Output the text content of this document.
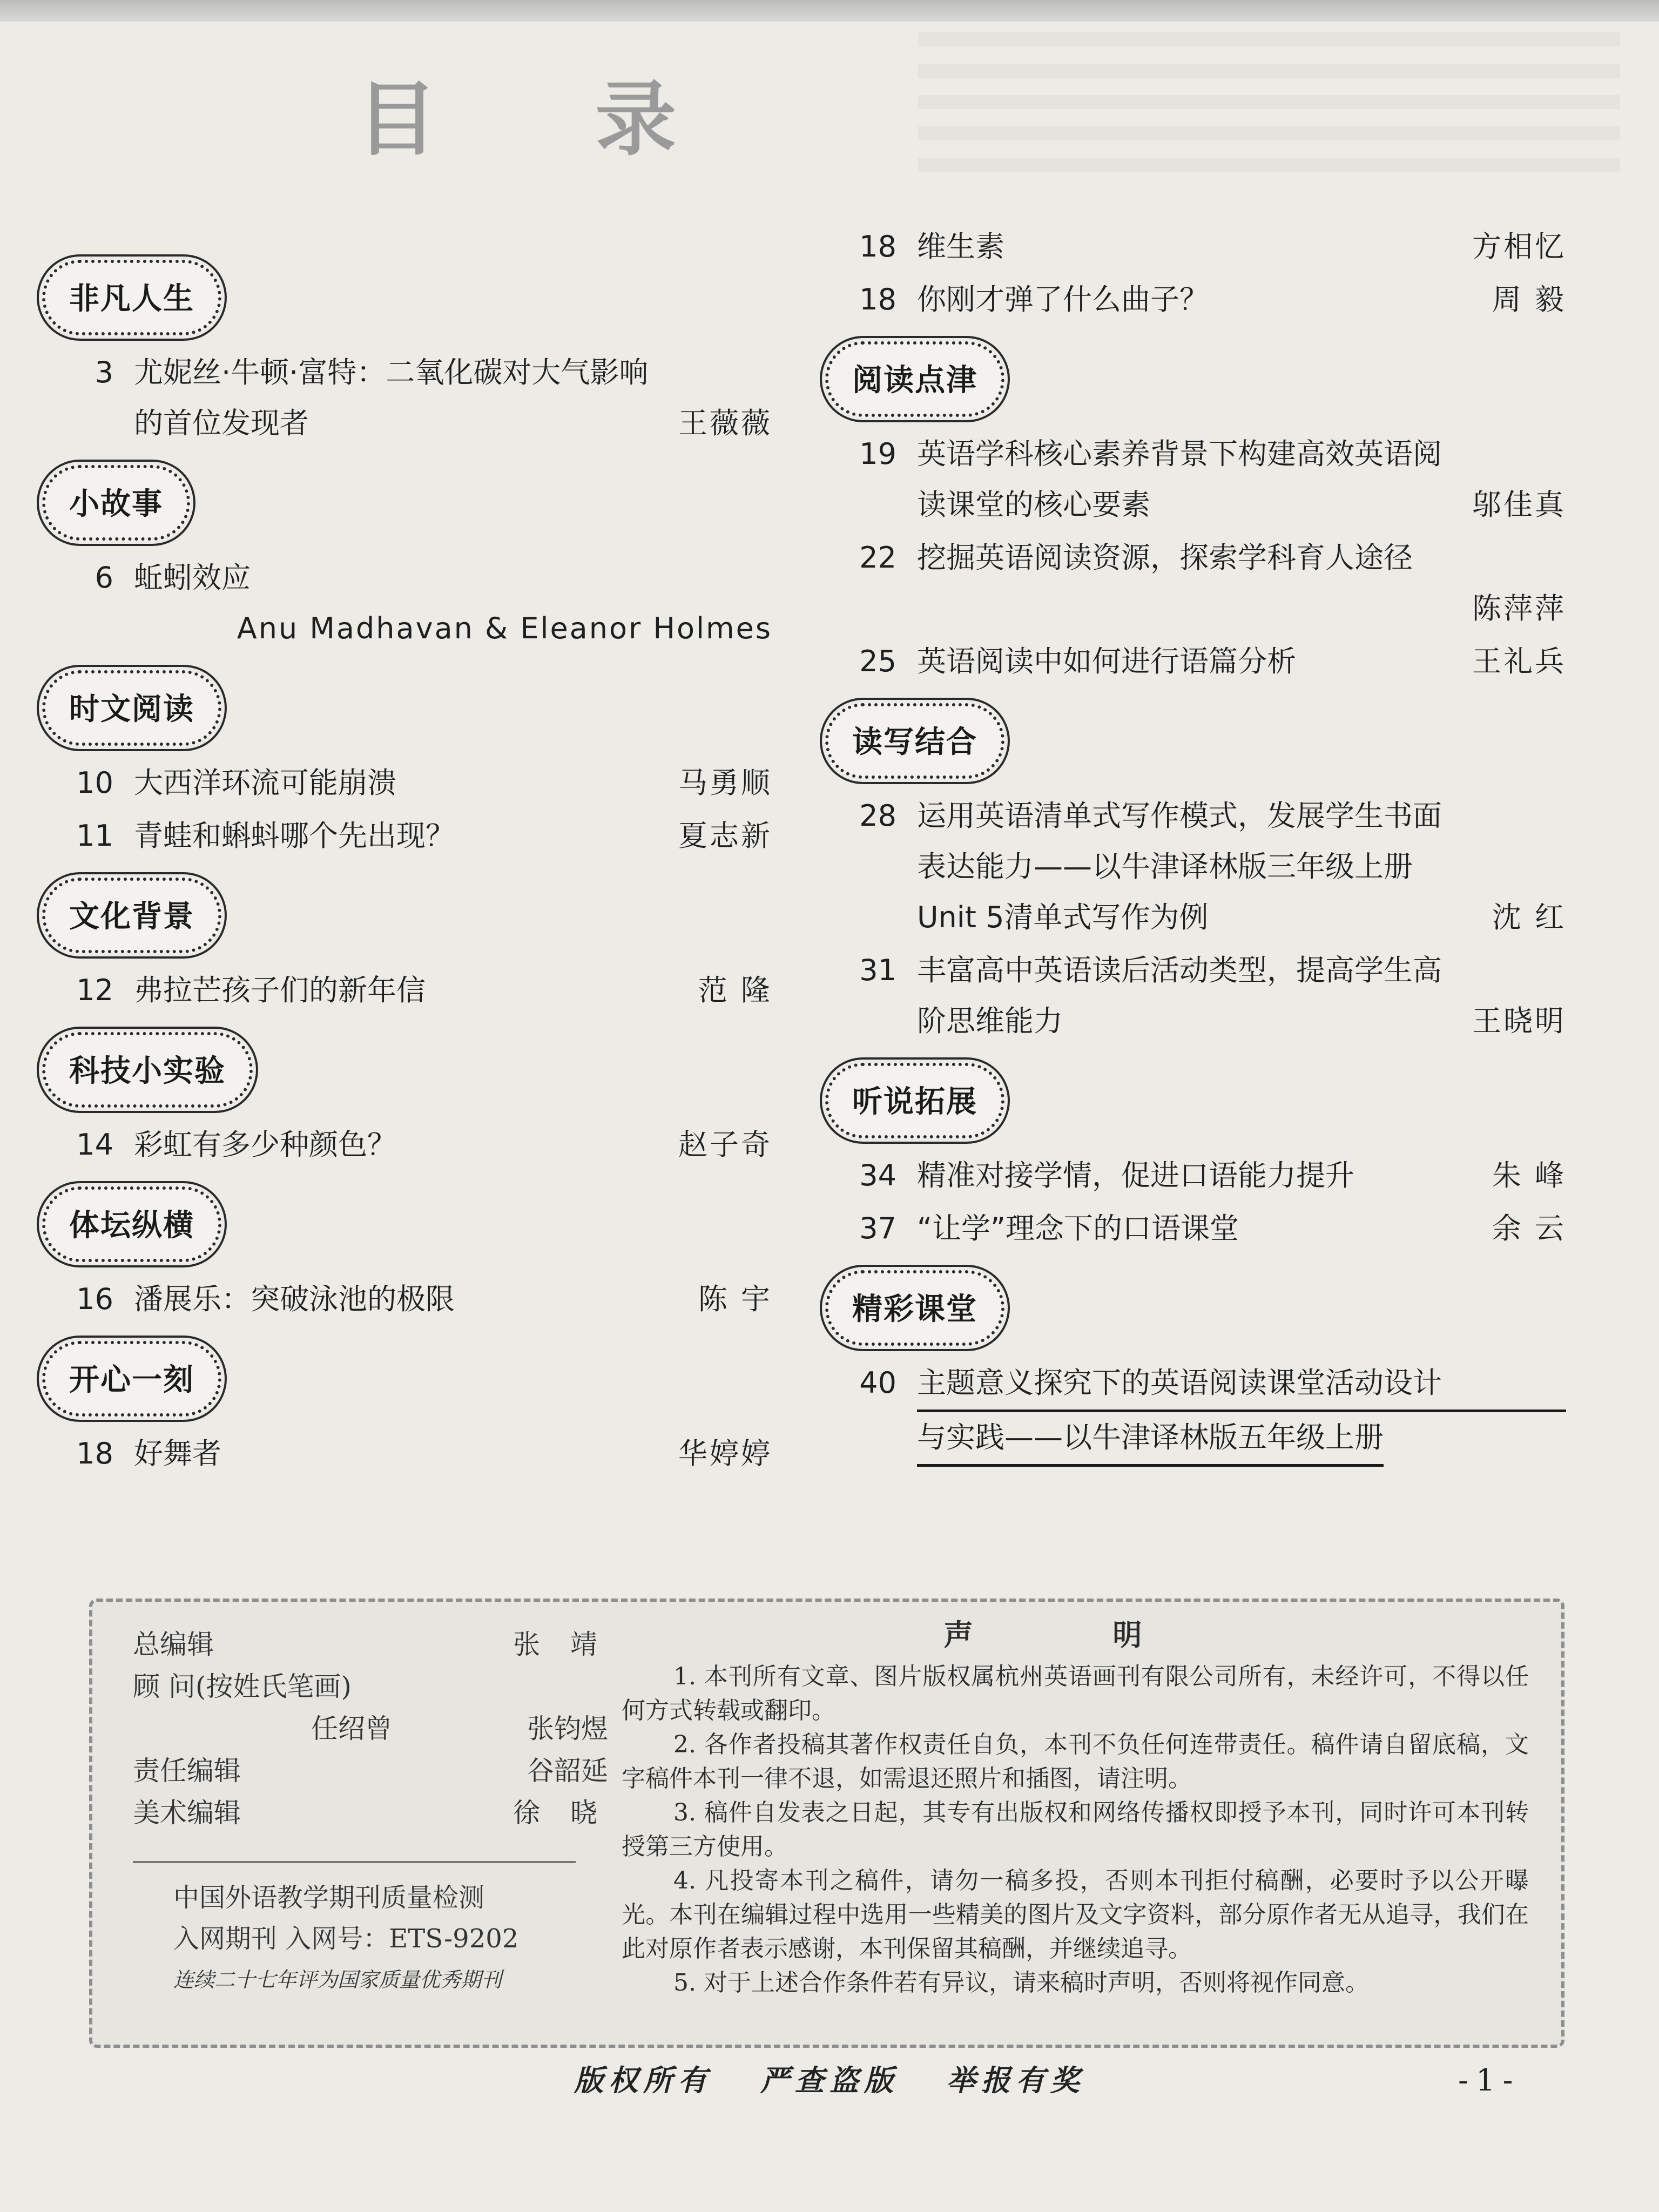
目 录
非凡人生
3 尤妮丝·牛顿·富特：二氧化碳对大气影响
的首位发现者	王薇薇
小故事
6 蚯蚓效应
Anu Madhavan & Eleanor Holmes
时文阅读
10 大西洋环流可能崩溃	马勇顺
11 青蛙和蝌蚪哪个先出现？	夏志新
文化背景
12 弗拉芒孩子们的新年信	范 隆
科技小实验
14 彩虹有多少种颜色？	赵子奇
体坛纵横
16 潘展乐：突破泳池的极限	陈 宇
开心一刻
18 好舞者	华婷婷
18 维生素	方相忆
18 你刚才弹了什么曲子？	周 毅
阅读点津
19 英语学科核心素养背景下构建高效英语阅
读课堂的核心要素	邬佳真
22 挖掘英语阅读资源，探索学科育人途径
陈萍萍
25 英语阅读中如何进行语篇分析	王礼兵
读写结合
28 运用英语清单式写作模式，发展学生书面
表达能力——以牛津译林版三年级上册
Unit 5清单式写作为例	沈 红
31 丰富高中英语读后活动类型，提高学生高
阶思维能力	王晓明
听说拓展
34 精准对接学情，促进口语能力提升	朱 峰
37 “让学”理念下的口语课堂	余 云
精彩课堂
40 主题意义探究下的英语阅读课堂活动设计
与实践——以牛津译林版五年级上册
总编辑	张 靖
顾 问(按姓氏笔画)
任绍曾	张钧煜
责任编辑	谷韶延
美术编辑	徐 晓
中国外语教学期刊质量检测
入网期刊 入网号：ETS-9202
连续二十七年评为国家质量优秀期刊
声 明

1. 本刊所有文章、图片版权属杭州英语画刊有限公司所有，未经许可，不得以任何方式转载或翻印。

2. 各作者投稿其著作权责任自负，本刊不负任何连带责任。稿件请自留底稿，文字稿件本刊一律不退，如需退还照片和插图，请注明。

3. 稿件自发表之日起，其专有出版权和网络传播权即授予本刊，同时许可本刊转授第三方使用。

4. 凡投寄本刊之稿件，请勿一稿多投，否则本刊拒付稿酬，必要时予以公开曝光。本刊在编辑过程中选用一些精美的图片及文字资料，部分原作者无从追寻，我们在此对原作者表示感谢，本刊保留其稿酬，并继续追寻。

5. 对于上述合作条件若有异议，请来稿时声明，否则将视作同意。

版权所有 严查盗版 举报有奖	-1-
